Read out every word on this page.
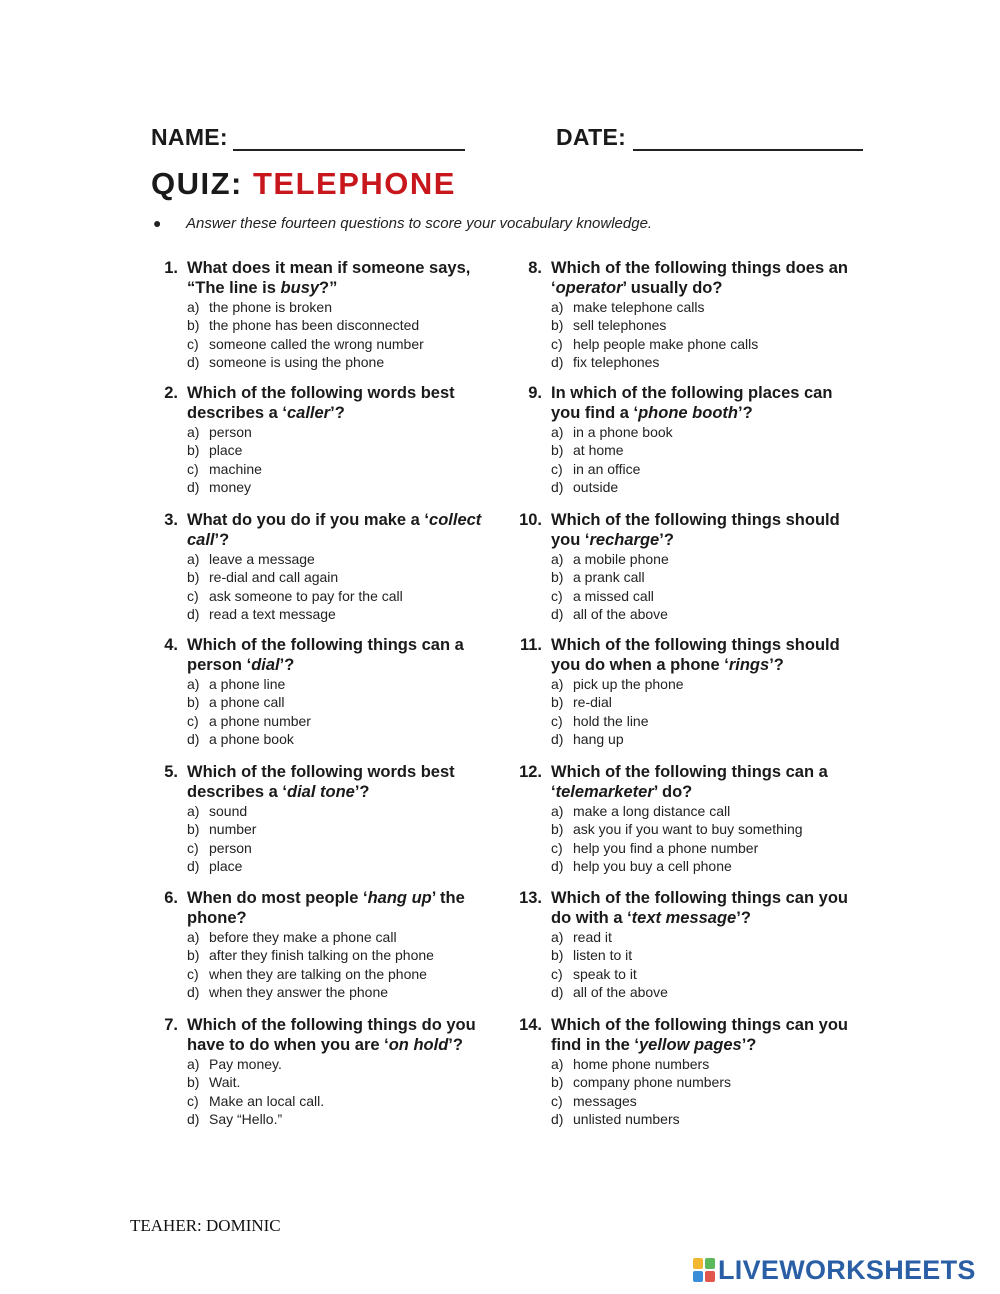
NAME:	DATE:
QUIZ: TELEPHONE
● Answer these fourteen questions to score your vocabulary knowledge.
1. What does it mean if someone says, “The line is busy?”
a) the phone is broken
b) the phone has been disconnected
c) someone called the wrong number
d) someone is using the phone
2. Which of the following words best describes a ‘caller’?
a) person
b) place
c) machine
d) money
3. What do you do if you make a ‘collect call’?
a) leave a message
b) re-dial and call again
c) ask someone to pay for the call
d) read a text message
4. Which of the following things can a person ‘dial’?
a) a phone line
b) a phone call
c) a phone number
d) a phone book
5. Which of the following words best describes a ‘dial tone’?
a) sound
b) number
c) person
d) place
6. When do most people ‘hang up’ the phone?
a) before they make a phone call
b) after they finish talking on the phone
c) when they are talking on the phone
d) when they answer the phone
7. Which of the following things do you have to do when you are ‘on hold’?
a) Pay money.
b) Wait.
c) Make an local call.
d) Say “Hello.”
8. Which of the following things does an ‘operator’ usually do?
a) make telephone calls
b) sell telephones
c) help people make phone calls
d) fix telephones
9. In which of the following places can you find a ‘phone booth’?
a) in a phone book
b) at home
c) in an office
d) outside
10. Which of the following things should you ‘recharge’?
a) a mobile phone
b) a prank call
c) a missed call
d) all of the above
11. Which of the following things should you do when a phone ‘rings’?
a) pick up the phone
b) re-dial
c) hold the line
d) hang up
12. Which of the following things can a ‘telemarketer’ do?
a) make a long distance call
b) ask you if you want to buy something
c) help you find a phone number
d) help you buy a cell phone
13. Which of the following things can you do with a ‘text message’?
a) read it
b) listen to it
c) speak to it
d) all of the above
14. Which of the following things can you find in the ‘yellow pages’?
a) home phone numbers
b) company phone numbers
c) messages
d) unlisted numbers
TEAHER: DOMINIC
LIVEWORKSHEETS
